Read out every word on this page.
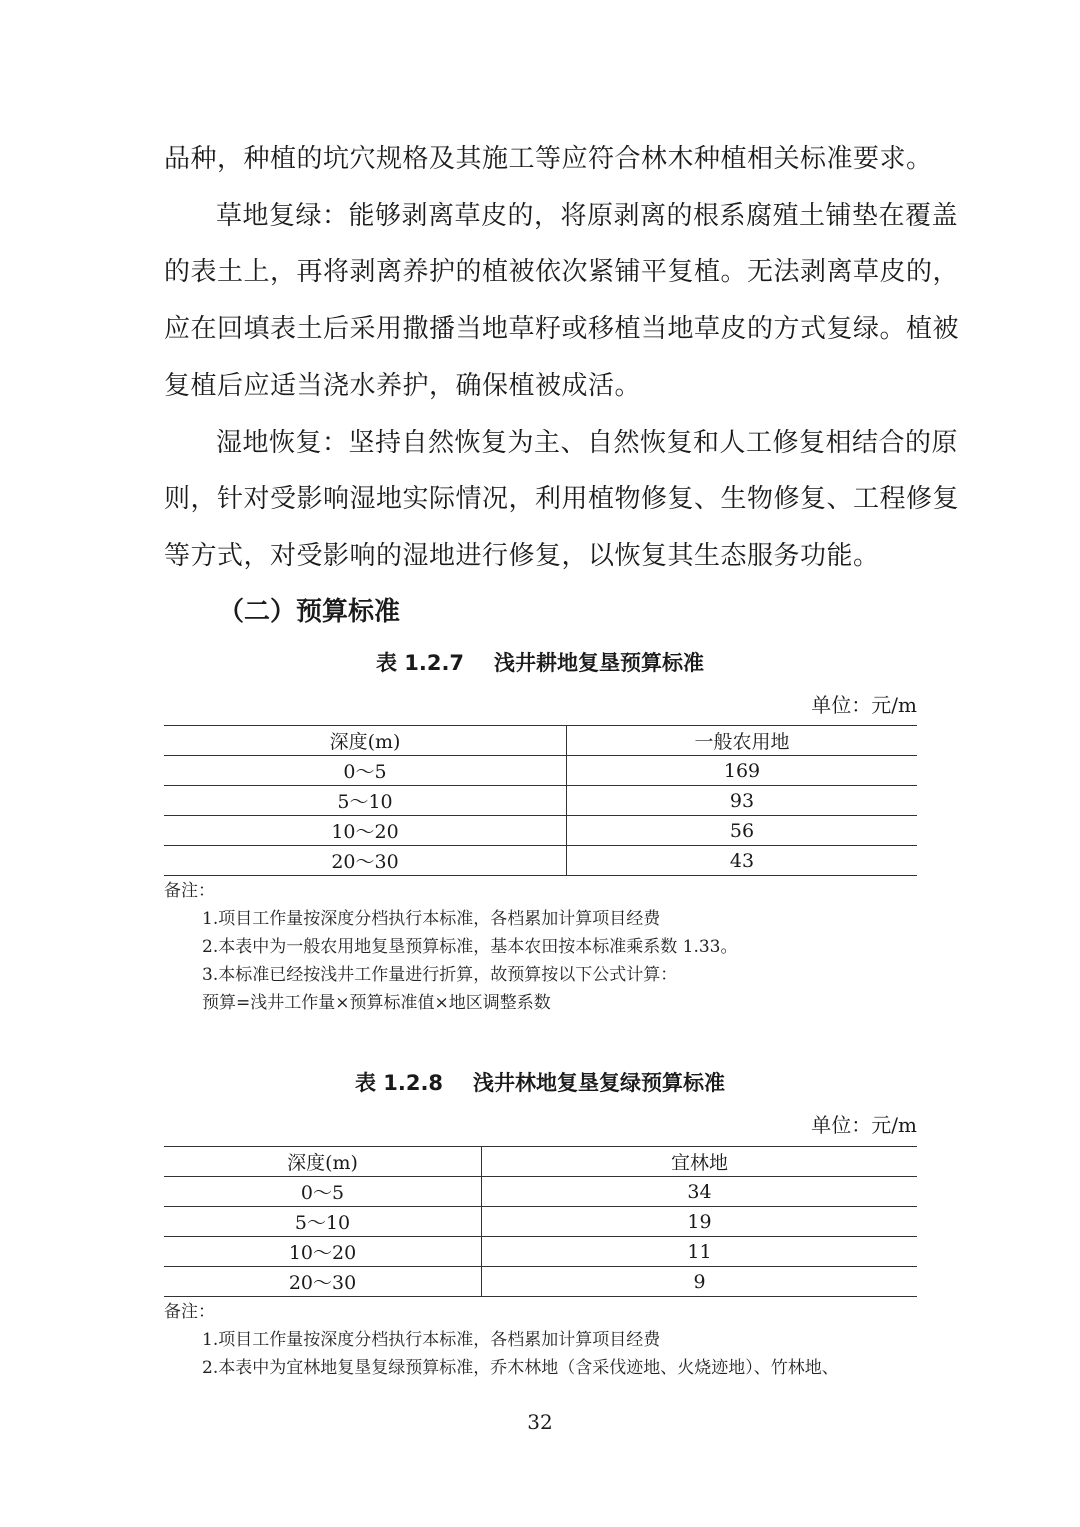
品种，种植的坑穴规格及其施工等应符合林木种植相关标准要求。
草地复绿：能够剥离草皮的，将原剥离的根系腐殖土铺垫在覆盖
的表土上，再将剥离养护的植被依次紧铺平复植。无法剥离草皮的，
应在回填表土后采用撒播当地草籽或移植当地草皮的方式复绿。植被
复植后应适当浇水养护，确保植被成活。
湿地恢复：坚持自然恢复为主、自然恢复和人工修复相结合的原
则，针对受影响湿地实际情况，利用植物修复、生物修复、工程修复
等方式，对受影响的湿地进行修复，以恢复其生态服务功能。
（二）预算标准
表 1.2.7 浅井耕地复垦预算标准
单位：元/m
深度(m)	一般农用地
0～5	169
5～10	93
10～20	56
20～30	43
备注：
1.项目工作量按深度分档执行本标准，各档累加计算项目经费
2.本表中为一般农用地复垦预算标准，基本农田按本标准乘系数 1.33。
3.本标准已经按浅井工作量进行折算，故预算按以下公式计算：
预算=浅井工作量×预算标准值×地区调整系数
表 1.2.8 浅井林地复垦复绿预算标准
单位：元/m
深度(m)	宜林地
0～5	34
5～10	19
10～20	11
20～30	9
备注：
1.项目工作量按深度分档执行本标准，各档累加计算项目经费
2.本表中为宜林地复垦复绿预算标准，乔木林地（含采伐迹地、火烧迹地）、竹林地、
32
